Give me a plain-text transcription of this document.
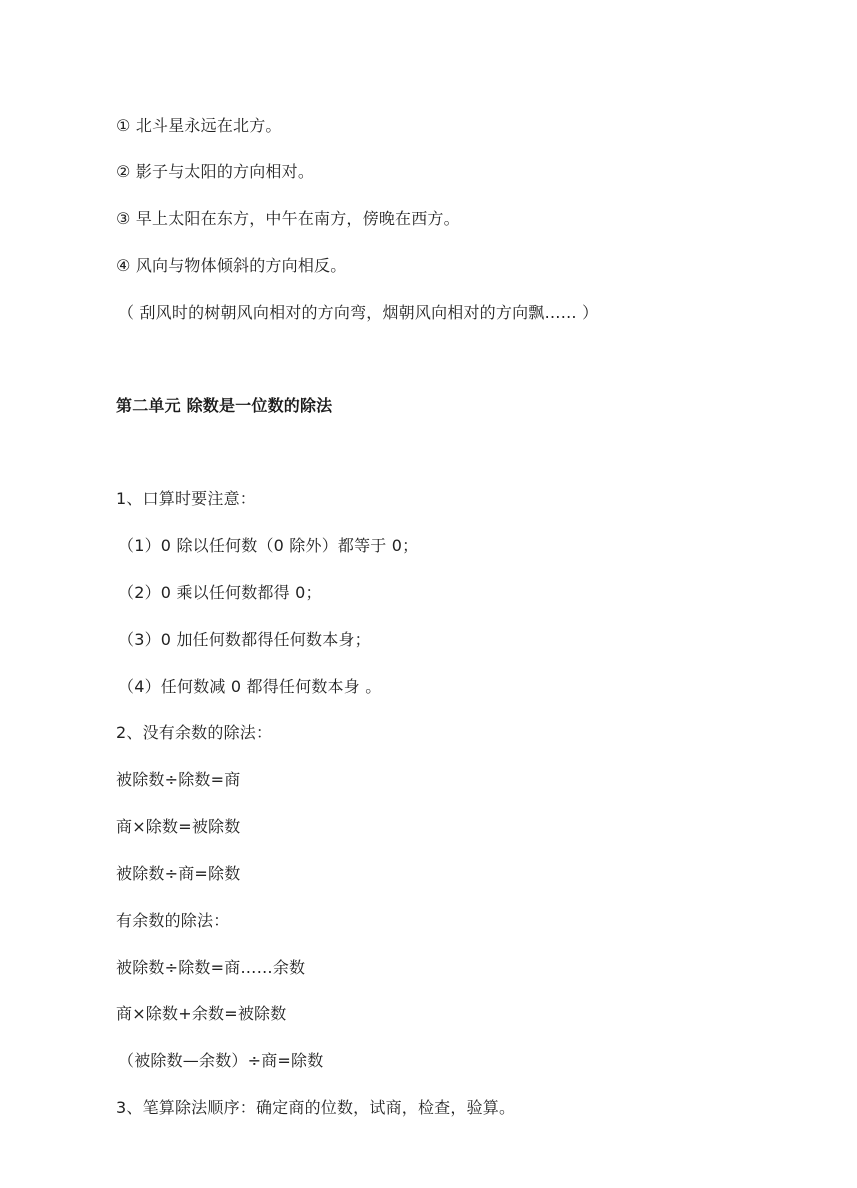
① 北斗星永远在北方。
② 影子与太阳的方向相对。
③ 早上太阳在东方，中午在南方，傍晚在西方。
④ 风向与物体倾斜的方向相反。
（ 刮风时的树朝风向相对的方向弯，烟朝风向相对的方向飘…… ）
第二单元 除数是一位数的除法
1、口算时要注意：
（1）0 除以任何数（0 除外）都等于 0；
（2）0 乘以任何数都得 0；
（3）0 加任何数都得任何数本身；
（4）任何数减 0 都得任何数本身 。
2、没有余数的除法：
被除数÷除数=商
商×除数=被除数
被除数÷商=除数
有余数的除法：
被除数÷除数=商……余数
商×除数+余数=被除数
（被除数—余数）÷商=除数
3、笔算除法顺序：确定商的位数，试商，检查，验算。
